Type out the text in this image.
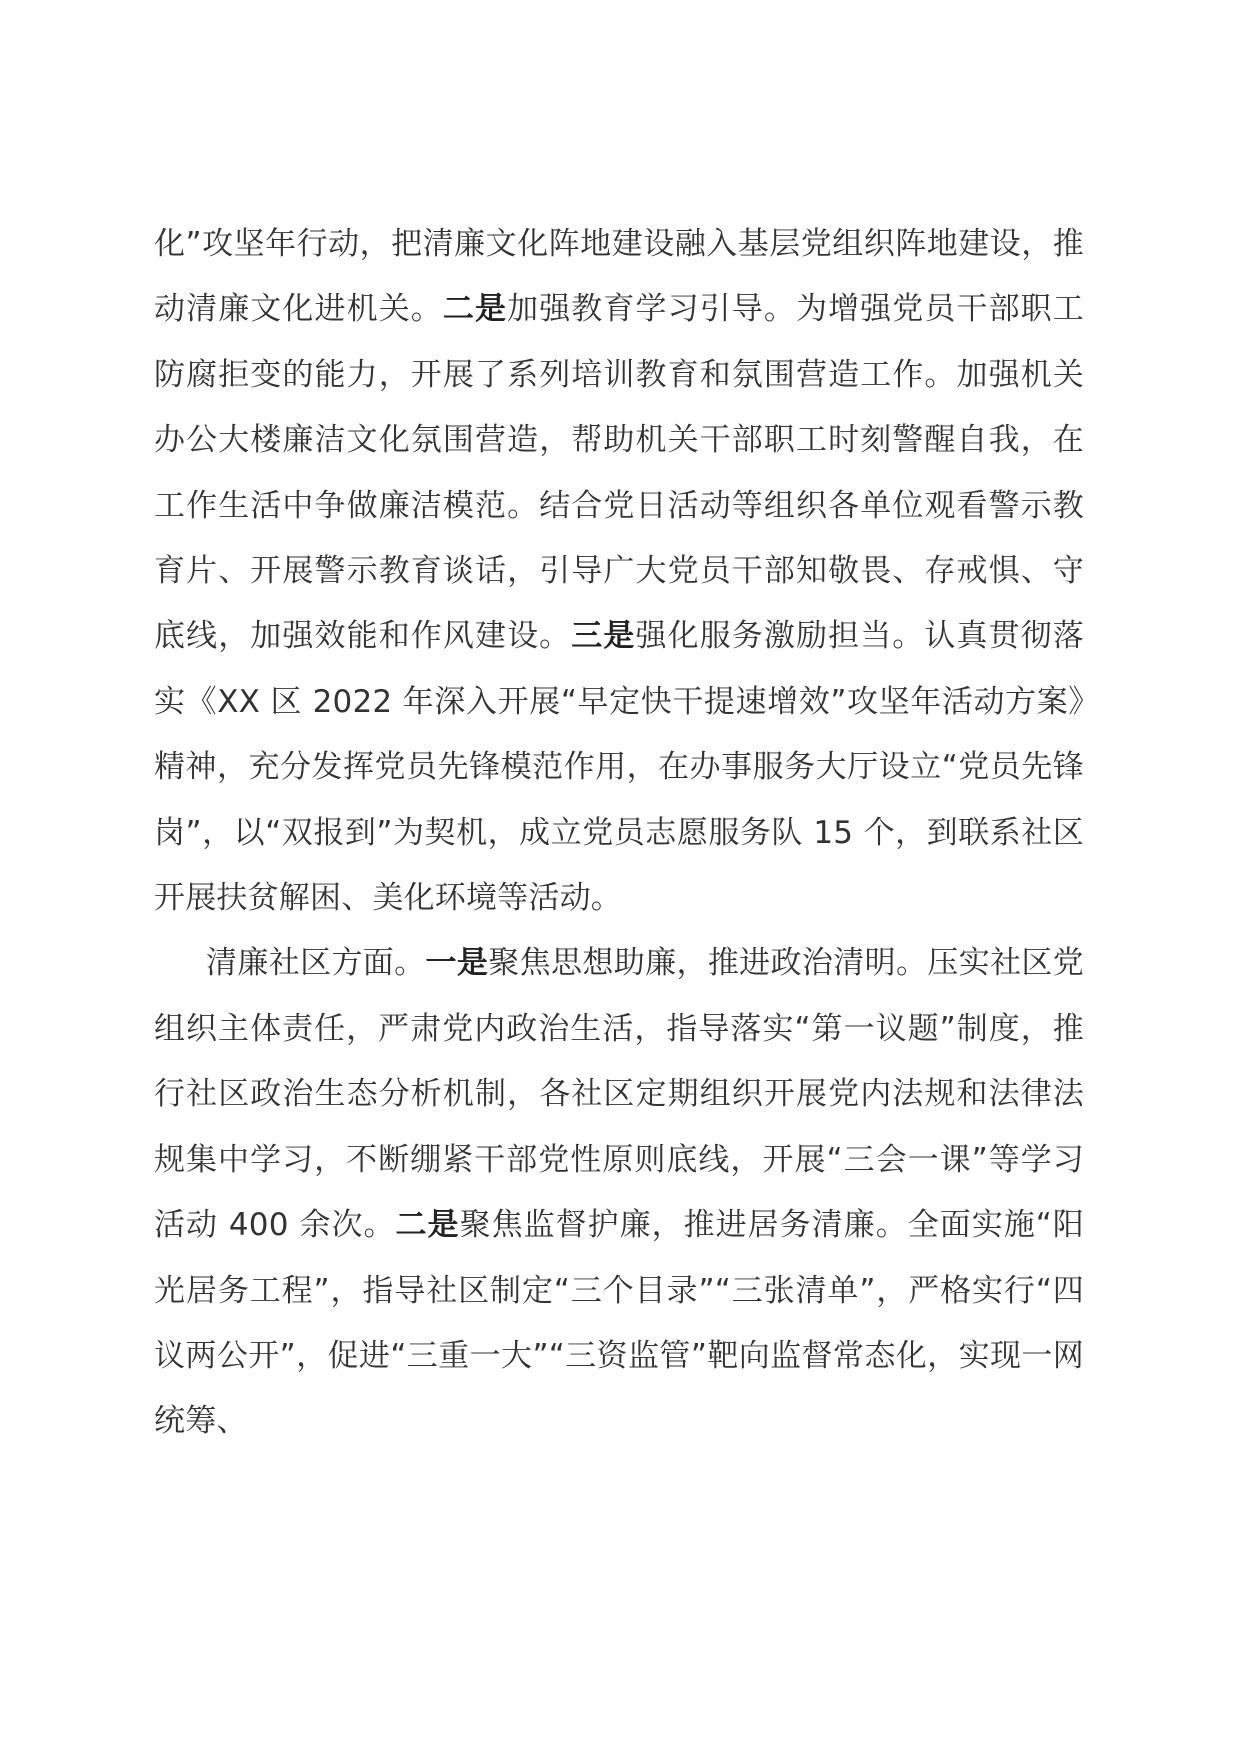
化”攻坚年行动，把清廉文化阵地建设融入基层党组织阵地建设，推动清廉文化进机关。二是加强教育学习引导。为增强党员干部职工防腐拒变的能力，开展了系列培训教育和氛围营造工作。加强机关办公大楼廉洁文化氛围营造，帮助机关干部职工时刻警醒自我，在工作生活中争做廉洁模范。结合党日活动等组织各单位观看警示教育片、开展警示教育谈话，引导广大党员干部知敬畏、存戒惧、守底线，加强效能和作风建设。三是强化服务激励担当。认真贯彻落实《XX 区 2022 年深入开展“早定快干提速增效”攻坚年活动方案》精神，充分发挥党员先锋模范作用，在办事服务大厅设立“党员先锋岗”，以“双报到”为契机，成立党员志愿服务队 15 个，到联系社区开展扶贫解困、美化环境等活动。

清廉社区方面。一是聚焦思想助廉，推进政治清明。压实社区党组织主体责任，严肃党内政治生活，指导落实“第一议题”制度，推行社区政治生态分析机制，各社区定期组织开展党内法规和法律法规集中学习，不断绷紧干部党性原则底线，开展“三会一课”等学习活动 400 余次。二是聚焦监督护廉，推进居务清廉。全面实施“阳光居务工程”，指导社区制定“三个目录”“三张清单”，严格实行“四议两公开”，促进“三重一大”“三资监管”靶向监督常态化，实现一网统筹、
